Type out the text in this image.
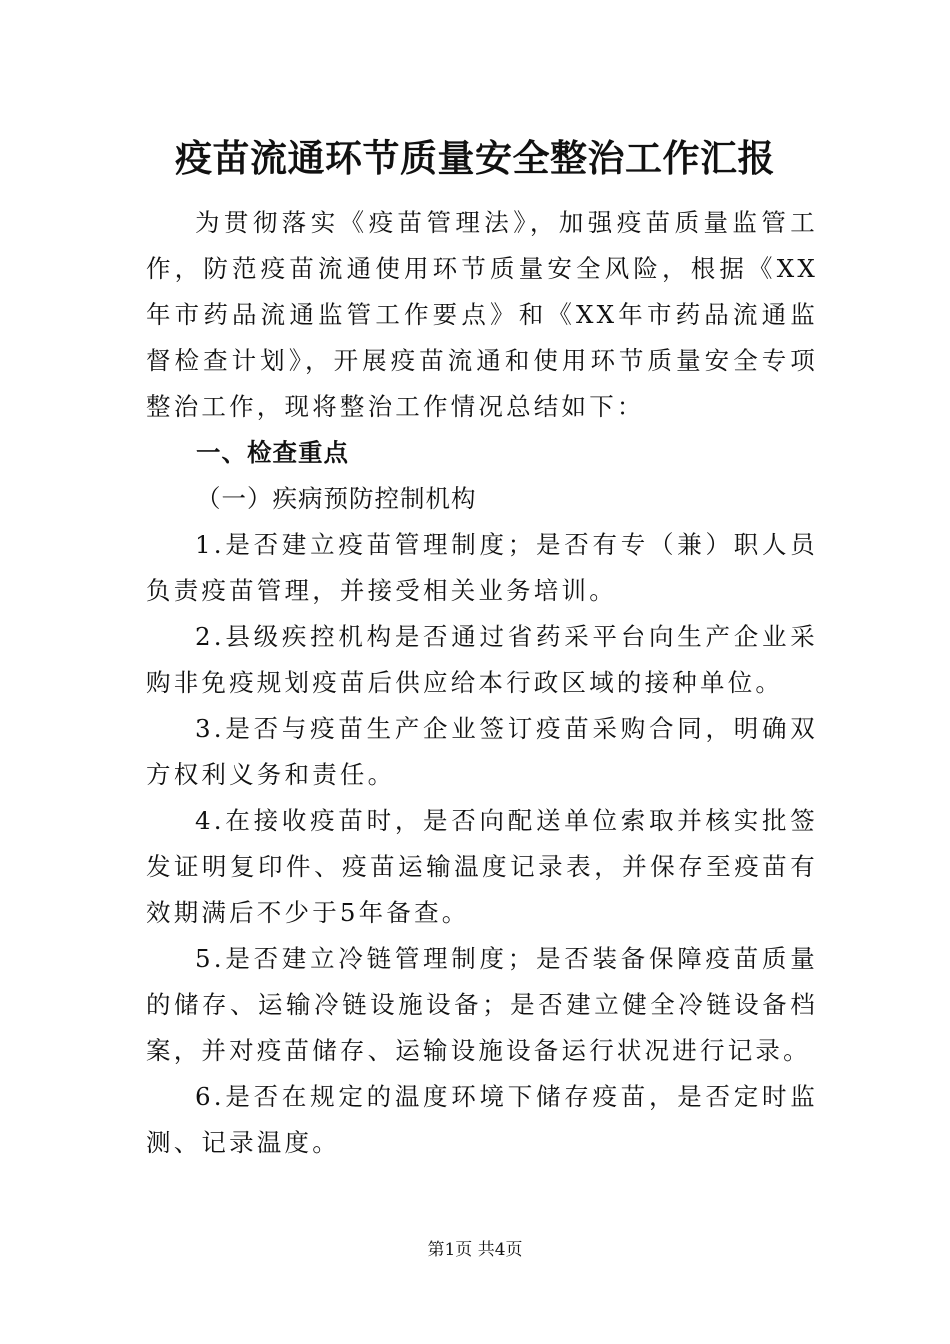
疫苗流通环节质量安全整治工作汇报

为贯彻落实《疫苗管理法》，加强疫苗质量监管工作，防范疫苗流通使用环节质量安全风险，根据《XX年市药品流通监管工作要点》和《XX年市药品流通监督检查计划》，开展疫苗流通和使用环节质量安全专项整治工作，现将整治工作情况总结如下：

一、检查重点
（一）疾病预防控制机构

1.是否建立疫苗管理制度；是否有专（兼）职人员负责疫苗管理，并接受相关业务培训。

2.县级疾控机构是否通过省药采平台向生产企业采购非免疫规划疫苗后供应给本行政区域的接种单位。

3.是否与疫苗生产企业签订疫苗采购合同，明确双方权利义务和责任。

4.在接收疫苗时，是否向配送单位索取并核实批签发证明复印件、疫苗运输温度记录表，并保存至疫苗有效期满后不少于5年备查。

5.是否建立冷链管理制度；是否装备保障疫苗质量的储存、运输冷链设施设备；是否建立健全冷链设备档案，并对疫苗储存、运输设施设备运行状况进行记录。

6.是否在规定的温度环境下储存疫苗，是否定时监测、记录温度。

第1页 共4页
